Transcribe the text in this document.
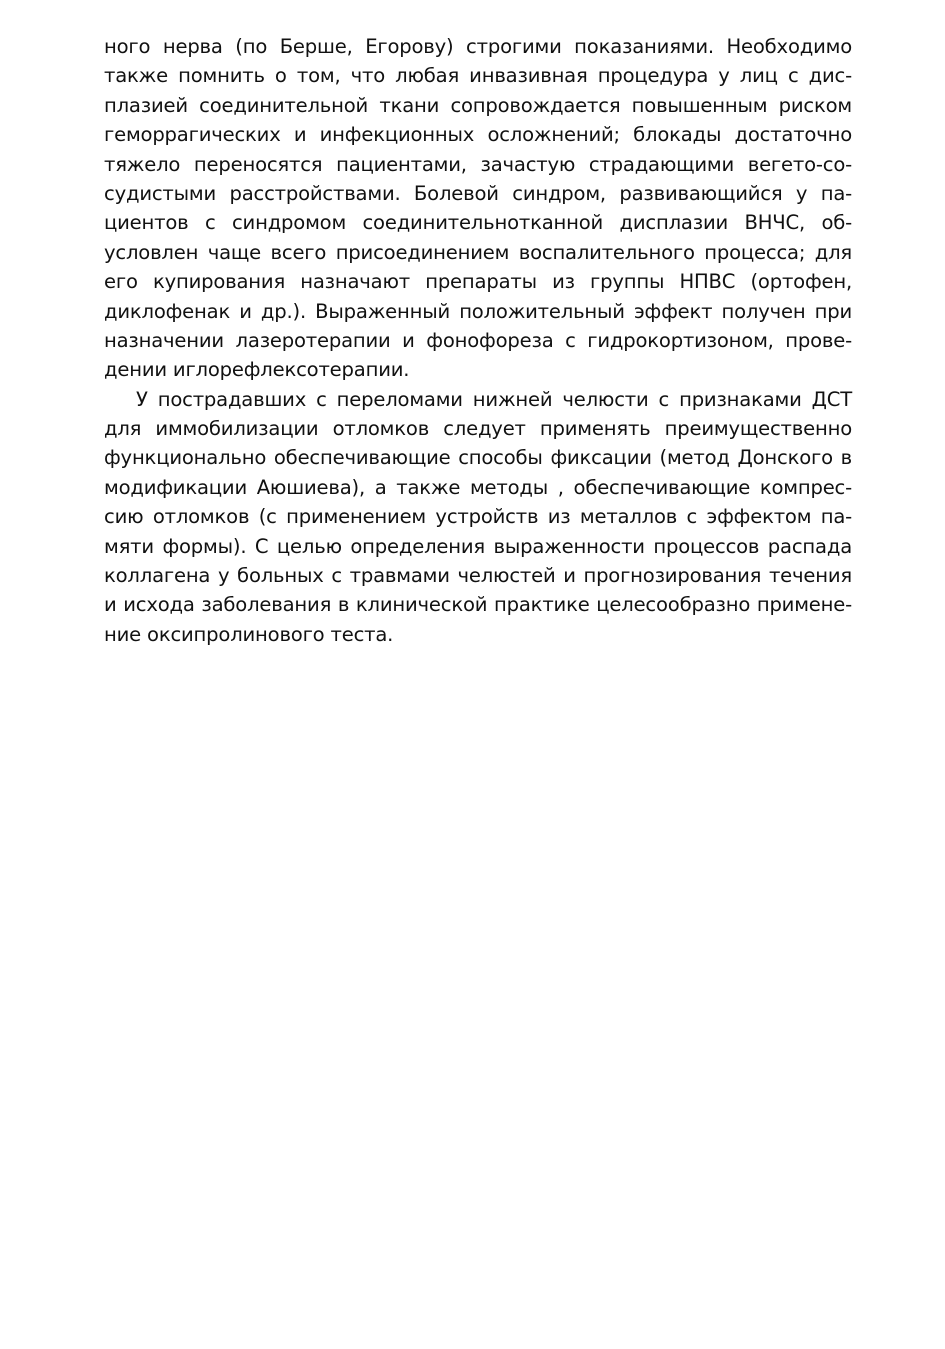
ного нерва (по Берше, Егорову) строгими показаниями. Необходимо
также помнить о том, что любая инвазивная процедура у лиц с дис-
плазией соединительной ткани сопровождается повышенным риском
геморрагических и инфекционных осложнений; блокады достаточно
тяжело переносятся пациентами, зачастую страдающими вегето-со-
судистыми расстройствами. Болевой синдром, развивающийся у па-
циентов с синдромом соединительнотканной дисплазии ВНЧС, об-
условлен чаще всего присоединением воспалительного процесса; для
его купирования назначают препараты из группы НПВС (ортофен,
диклофенак и др.). Выраженный положительный эффект получен при
назначении лазеротерапии и фонофореза с гидрокортизоном, прове-
дении иглорефлексотерапии.
У пострадавших с переломами нижней челюсти с признаками ДСТ
для иммобилизации отломков следует применять преимущественно
функционально обеспечивающие способы фиксации (метод Донского в
модификации Аюшиева), а также методы , обеспечивающие компрес-
сию отломков (с применением устройств из металлов с эффектом па-
мяти формы). С целью определения выраженности процессов распада
коллагена у больных с травмами челюстей и прогнозирования течения
и исхода заболевания в клинической практике целесообразно примене-
ние оксипролинового теста.
